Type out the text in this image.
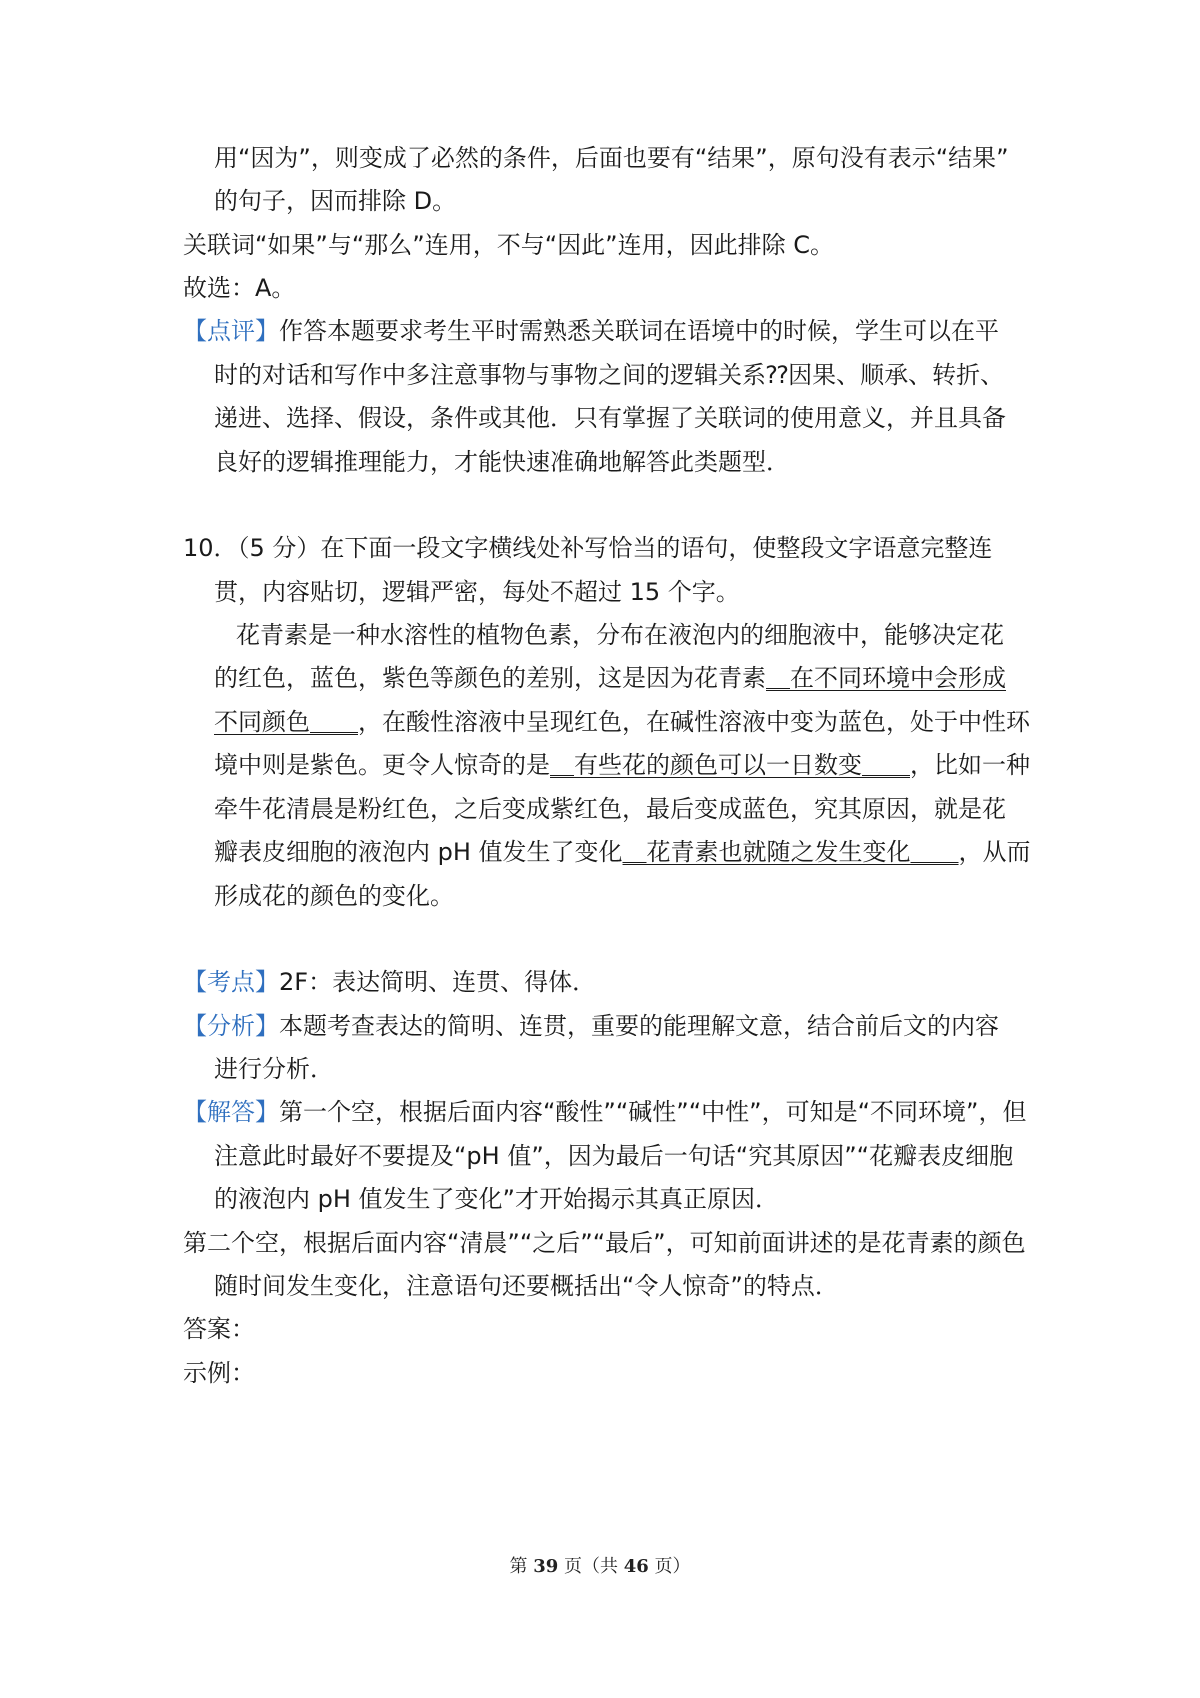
用“因为”，则变成了必然的条件，后面也要有“结果”，原句没有表示“结果”
的句子，因而排除 D。
关联词“如果”与“那么”连用，不与“因此”连用，因此排除 C。
故选：A。
【点评】作答本题要求考生平时需熟悉关联词在语境中的时候，学生可以在平
时的对话和写作中多注意事物与事物之间的逻辑关系⁇因果、顺承、转折、
递进、选择、假设，条件或其他．只有掌握了关联词的使用意义，并且具备
良好的逻辑推理能力，才能快速准确地解答此类题型．
10．（5 分）在下面一段文字横线处补写恰当的语句，使整段文字语意完整连
贯，内容贴切，逻辑严密，每处不超过 15 个字。
花青素是一种水溶性的植物色素，分布在液泡内的细胞液中，能够决定花
的红色，蓝色，紫色等颜色的差别，这是因为花青素＿在不同环境中会形成
不同颜色＿＿，在酸性溶液中呈现红色，在碱性溶液中变为蓝色，处于中性环
境中则是紫色。更令人惊奇的是＿有些花的颜色可以一日数变＿＿，比如一种
牵牛花清晨是粉红色，之后变成紫红色，最后变成蓝色，究其原因，就是花
瓣表皮细胞的液泡内 pH 值发生了变化＿花青素也就随之发生变化＿＿，从而
形成花的颜色的变化。
【考点】2F：表达简明、连贯、得体．
【分析】本题考查表达的简明、连贯，重要的能理解文意，结合前后文的内容
进行分析．
【解答】第一个空，根据后面内容“酸性”“碱性”“中性”，可知是“不同环境”，但
注意此时最好不要提及“pH 值”，因为最后一句话“究其原因”“花瓣表皮细胞
的液泡内 pH 值发生了变化”才开始揭示其真正原因．
第二个空，根据后面内容“清晨”“之后”“最后”，可知前面讲述的是花青素的颜色
随时间发生变化，注意语句还要概括出“令人惊奇”的特点．
答案：
示例：
第 39 页（共 46 页）
